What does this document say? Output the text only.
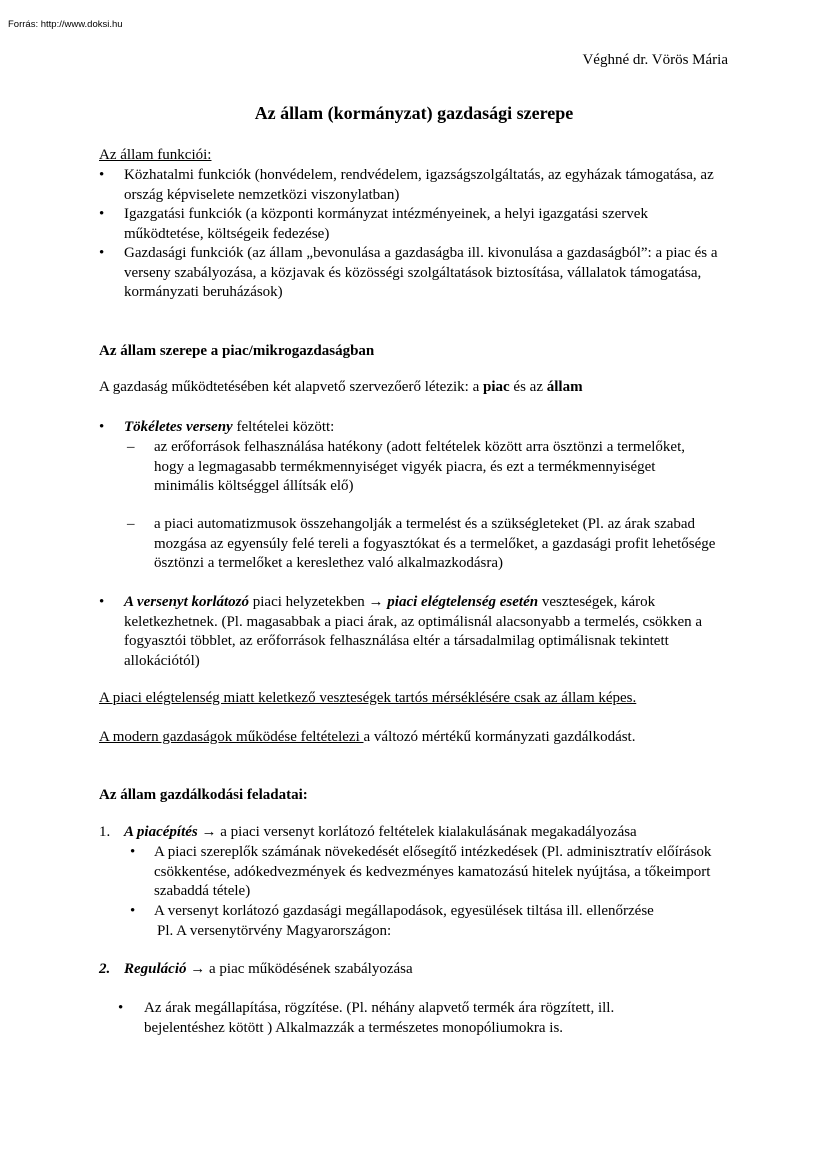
Forrás: http://www.doksi.hu
Véghné dr. Vörös Mária
Az állam (kormányzat) gazdasági szerepe
Az állam funkciói:
• Közhatalmi funkciók (honvédelem, rendvédelem, igazságszolgáltatás, az egyházak támogatása, az ország képviselete nemzetközi viszonylatban)
• Igazgatási funkciók (a központi kormányzat intézményeinek, a helyi igazgatási szervek működtetése, költségeik fedezése)
• Gazdasági funkciók (az állam „bevonulása a gazdaságba ill. kivonulása a gazdaságból”: a piac és a verseny szabályozása, a közjavak és közösségi szolgáltatások biztosítása, vállalatok támogatása, kormányzati beruházások)
Az állam szerepe a piac/mikrogazdaságban
A gazdaság működtetésében két alapvető szervezőerő létezik: a piac és az állam
• Tökéletes verseny feltételei között:
– az erőforrások felhasználása hatékony (adott feltételek között arra ösztönzi a termelőket, hogy a legmagasabb termékmennyiséget vigyék piacra, és ezt a termékmennyiséget minimális költséggel állítsák elő)
– a piaci automatizmusok összehangolják a termelést és a szükségleteket (Pl. az árak szabad mozgása az egyensúly felé tereli a fogyasztókat és a termelőket, a gazdasági profit lehetősége ösztönzi a termelőket a kereslethez való alkalmazkodásra)
• A versenyt korlátozó piaci helyzetekben → piaci elégtelenség esetén veszteségek, károk keletkezhetnek. (Pl. magasabbak a piaci árak, az optimálisnál alacsonyabb a termelés, csökken a fogyasztói többlet, az erőforrások felhasználása eltér a társadalmilag optimálisnak tekintett allokációtól)
A piaci elégtelenség miatt keletkező veszteségek tartós mérséklésére csak az állam képes.
A modern gazdaságok működése feltételezi a változó mértékű kormányzati gazdálkodást.
Az állam gazdálkodási feladatai:
1. A piacépítés → a piaci versenyt korlátozó feltételek kialakulásának megakadályozása
• A piaci szereplők számának növekedését elősegítő intézkedések (Pl. adminisztratív előírások csökkentése, adókedvezmények és kedvezményes kamatozású hitelek nyújtása, a tőkeimport szabaddá tétele)
• A versenyt korlátozó gazdasági megállapodások, egyesülések tiltása ill. ellenőrzése
Pl. A versenytörvény Magyarországon:
2. Reguláció → a piac működésének szabályozása
• Az árak megállapítása, rögzítése. (Pl. néhány alapvető termék ára rögzített, ill. bejelentéshez kötött ) Alkalmazzák a természetes monopóliumokra is.
